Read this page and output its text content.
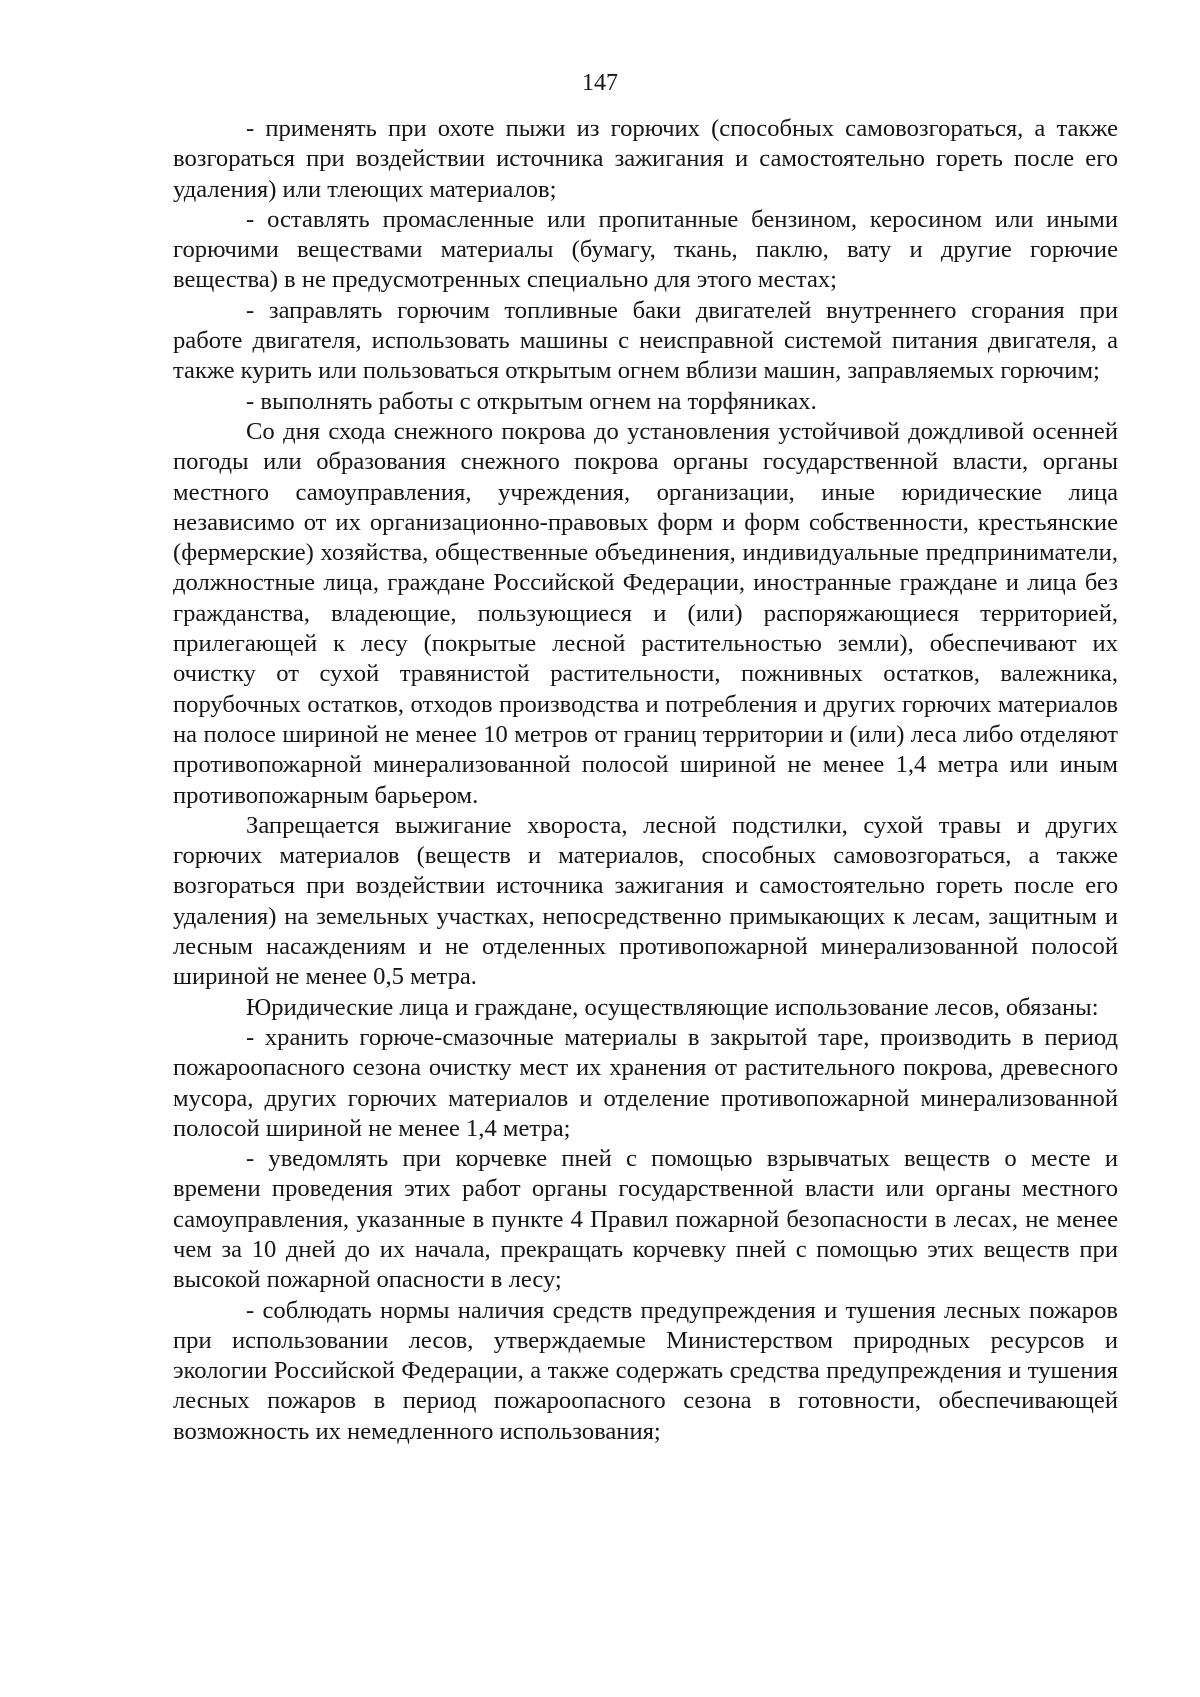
147

- применять при охоте пыжи из горючих (способных самовозгораться, а также возгораться при воздействии источника зажигания и самостоятельно гореть после его удаления) или тлеющих материалов;

- оставлять промасленные или пропитанные бензином, керосином или иными горючими веществами материалы (бумагу, ткань, паклю, вату и другие горючие вещества) в не предусмотренных специально для этого местах;

- заправлять горючим топливные баки двигателей внутреннего сгорания при работе двигателя, использовать машины с неисправной системой питания двигателя, а также курить или пользоваться открытым огнем вблизи машин, заправляемых горючим;

- выполнять работы с открытым огнем на торфяниках.

Со дня схода снежного покрова до установления устойчивой дождливой осенней погоды или образования снежного покрова органы государственной власти, органы местного самоуправления, учреждения, организации, иные юридические лица независимо от их организационно-правовых форм и форм собственности, крестьянские (фермерские) хозяйства, общественные объединения, индивидуальные предприниматели, должностные лица, граждане Российской Федерации, иностранные граждане и лица без гражданства, владеющие, пользующиеся и (или) распоряжающиеся территорией, прилегающей к лесу (покрытые лесной растительностью земли), обеспечивают их очистку от сухой травянистой растительности, пожнивных остатков, валежника, порубочных остатков, отходов производства и потребления и других горючих материалов на полосе шириной не менее 10 метров от границ территории и (или) леса либо отделяют противопожарной минерализованной полосой шириной не менее 1,4 метра или иным противопожарным барьером.

Запрещается выжигание хвороста, лесной подстилки, сухой травы и других горючих материалов (веществ и материалов, способных самовозгораться, а также возгораться при воздействии источника зажигания и самостоятельно гореть после его удаления) на земельных участках, непосредственно примыкающих к лесам, защитным и лесным насаждениям и не отделенных противопожарной минерализованной полосой шириной не менее 0,5 метра.

Юридические лица и граждане, осуществляющие использование лесов, обязаны:

- хранить горюче-смазочные материалы в закрытой таре, производить в период пожароопасного сезона очистку мест их хранения от растительного покрова, древесного мусора, других горючих материалов и отделение противопожарной минерализованной полосой шириной не менее 1,4 метра;

- уведомлять при корчевке пней с помощью взрывчатых веществ о месте и времени проведения этих работ органы государственной власти или органы местного самоуправления, указанные в пункте 4 Правил пожарной безопасности в лесах, не менее чем за 10 дней до их начала, прекращать корчевку пней с помощью этих веществ при высокой пожарной опасности в лесу;

- соблюдать нормы наличия средств предупреждения и тушения лесных пожаров при использовании лесов, утверждаемые Министерством природных ресурсов и экологии Российской Федерации, а также содержать средства предупреждения и тушения лесных пожаров в период пожароопасного сезона в готовности, обеспечивающей возможность их немедленного использования;
